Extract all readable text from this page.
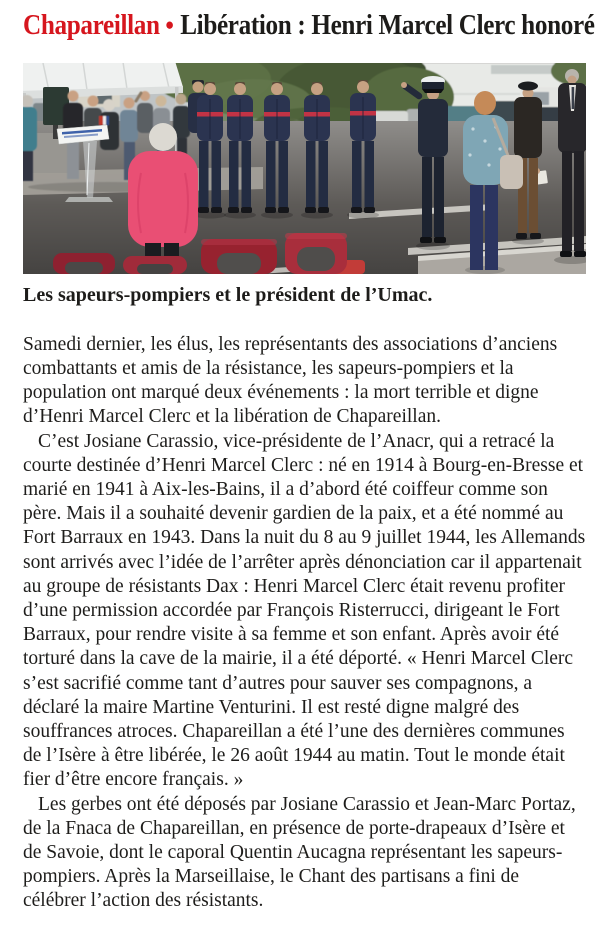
Chapareillan ● Libération : Henri Marcel Clerc honoré
Les sapeurs-pompiers et le président de l’Umac.

Samedi dernier, les élus, les représentants des associations d’anciens combattants et amis de la résistance, les sapeurs-pompiers et la population ont marqué deux événements : la mort terrible et digne d’Henri Marcel Clerc et la libération de Chapareillan.

C’est Josiane Carassio, vice-présidente de l’Anacr, qui a retracé la courte destinée d’Henri Marcel Clerc : né en 1914 à Bourg-en-Bresse et marié en 1941 à Aix-les-Bains, il a d’abord été coiffeur comme son père. Mais il a souhaité devenir gardien de la paix, et a été nommé au Fort Barraux en 1943. Dans la nuit du 8 au 9 juillet 1944, les Allemands sont arrivés avec l’idée de l’arrêter après dénonciation car il appartenait au groupe de résistants Dax : Henri Marcel Clerc était revenu profiter d’une permission accordée par François Risterrucci, dirigeant le Fort Barraux, pour rendre visite à sa femme et son enfant. Après avoir été torturé dans la cave de la mairie, il a été déporté. « Henri Marcel Clerc s’est sacrifié comme tant d’autres pour sauver ses compagnons, a déclaré la maire Martine Venturini. Il est resté digne malgré des souffrances atroces. Chapareillan a été l’une des dernières communes de l’Isère à être libérée, le 26 août 1944 au matin. Tout le monde était fier d’être encore français. »

Les gerbes ont été déposés par Josiane Carassio et Jean-Marc Portaz, de la Fnaca de Chapareillan, en présence de porte-drapeaux d’Isère et de Savoie, dont le caporal Quentin Aucagna représentant les sapeurs-pompiers. Après la Marseillaise, le Chant des partisans a fini de célébrer l’action des résistants.
